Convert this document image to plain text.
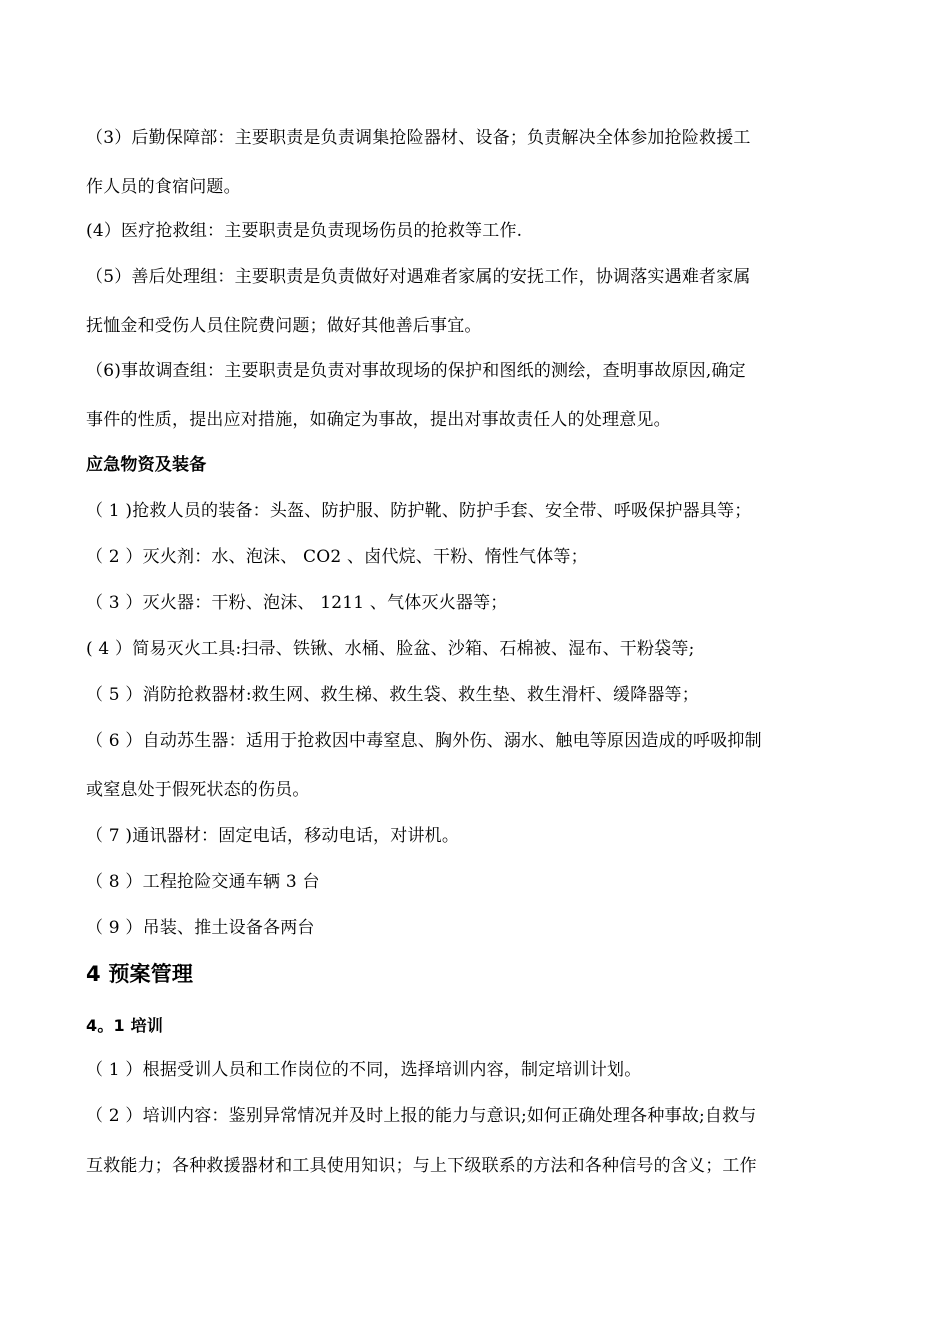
（3）后勤保障部：主要职责是负责调集抢险器材、设备；负责解决全体参加抢险救援工
作人员的食宿问题。
(4）医疗抢救组：主要职责是负责现场伤员的抢救等工作.
（5）善后处理组：主要职责是负责做好对遇难者家属的安抚工作，协调落实遇难者家属
抚恤金和受伤人员住院费问题；做好其他善后事宜。
（6)事故调查组：主要职责是负责对事故现场的保护和图纸的测绘，查明事故原因,确定
事件的性质，提出应对措施，如确定为事故，提出对事故责任人的处理意见。
应急物资及装备
（ 1 )抢救人员的装备：头盔、防护服、防护靴、防护手套、安全带、呼吸保护器具等；
（ 2 ）灭火剂：水、泡沫、 CO2 、卤代烷、干粉、惰性气体等；
（ 3 ）灭火器：干粉、泡沫、 1211 、气体灭火器等；
( 4 ）简易灭火工具:扫帚、铁锹、水桶、脸盆、沙箱、石棉被、湿布、干粉袋等;
（ 5 ）消防抢救器材:救生网、救生梯、救生袋、救生垫、救生滑杆、缓降器等；
（ 6 ）自动苏生器：适用于抢救因中毒窒息、胸外伤、溺水、触电等原因造成的呼吸抑制
或窒息处于假死状态的伤员。
（ 7 )通讯器材：固定电话，移动电话，对讲机。
（ 8 ）工程抢险交通车辆 3 台
（ 9 ）吊装、推土设备各两台
4 预案管理
4。1 培训
（ 1 ）根据受训人员和工作岗位的不同，选择培训内容，制定培训计划。
（ 2 ）培训内容：鉴别异常情况并及时上报的能力与意识;如何正确处理各种事故;自救与
互救能力；各种救援器材和工具使用知识；与上下级联系的方法和各种信号的含义；工作
